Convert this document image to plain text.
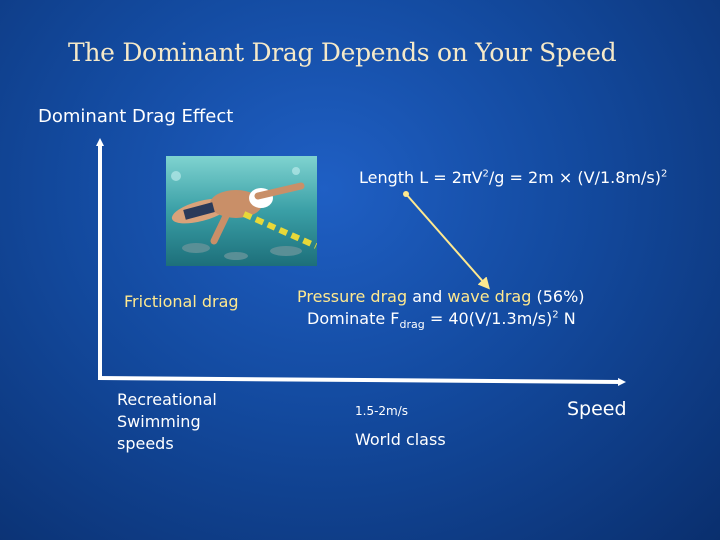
The Dominant Drag Depends on Your Speed
Dominant Drag Effect
Length $L = 2\pi V^2/g = 2m \times (V/1.8m/s)^2$
Frictional drag	Pressure drag and wave drag (56%)
Dominate $F_{drag} = 40(V/1.3m/s)^2$ N
Recreational
Swimming
speeds
1.5-2m/s
World class
Speed
